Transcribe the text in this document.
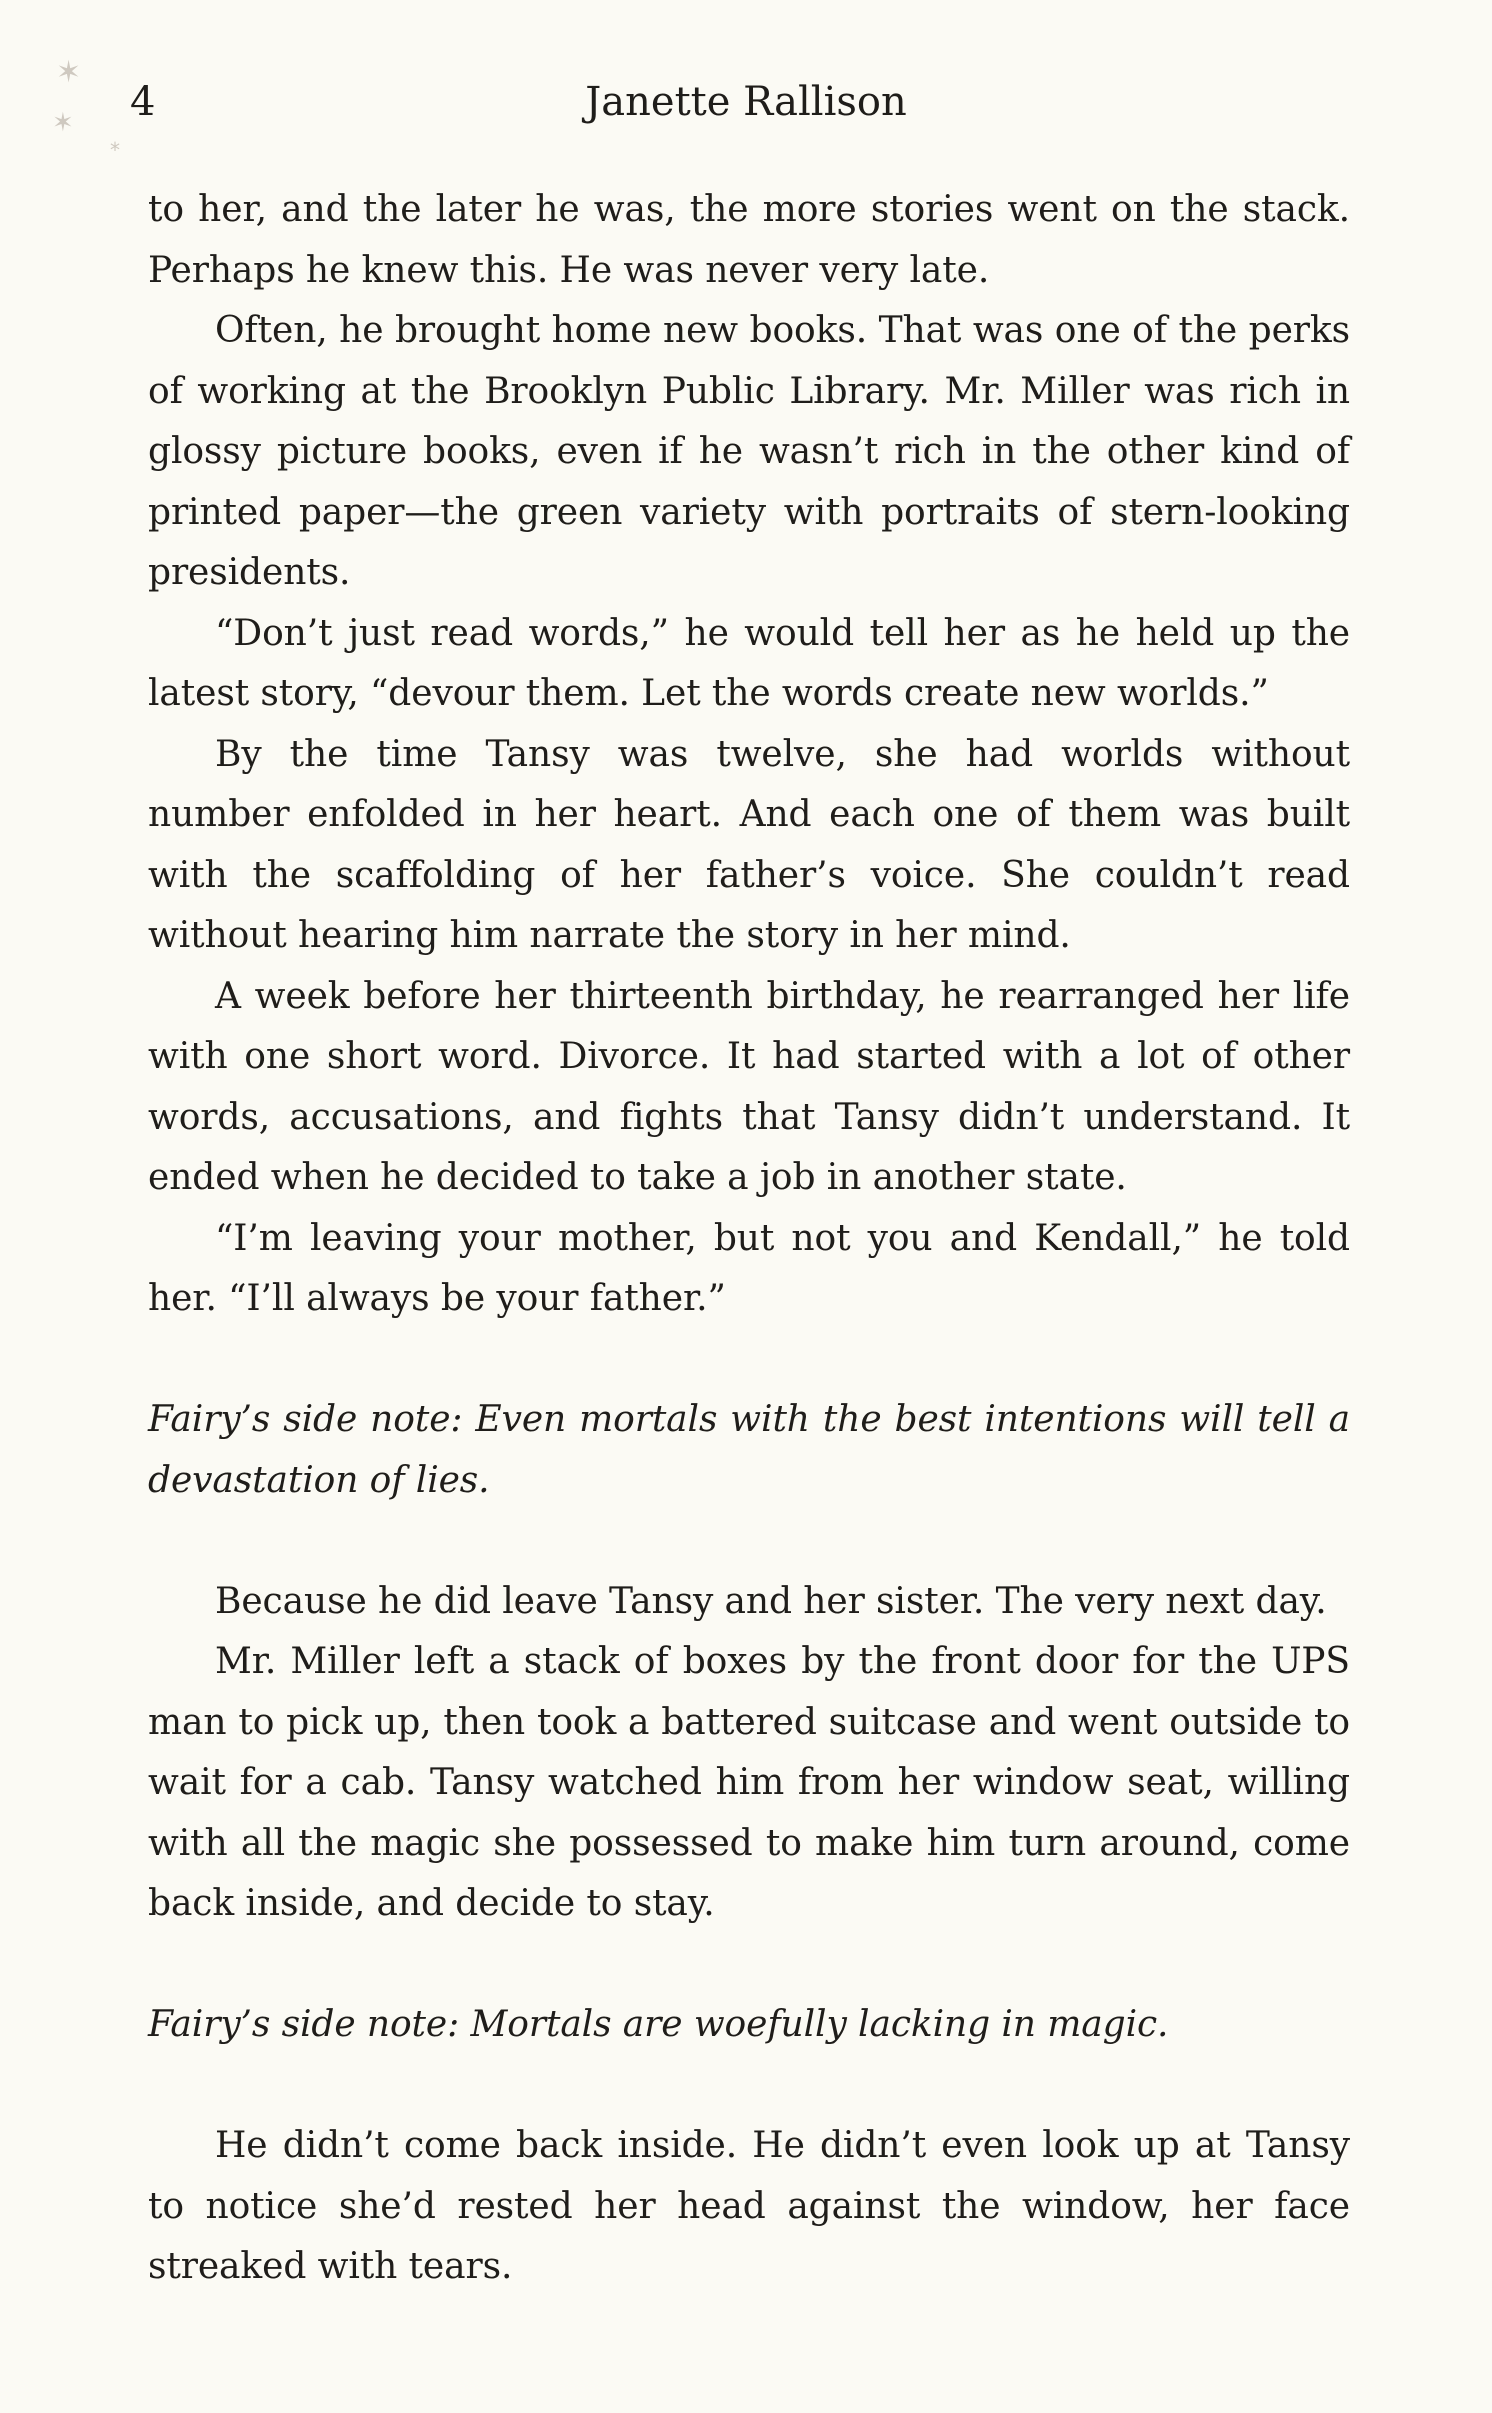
✶
✶
*
4	Janette Rallison

to her, and the later he was, the more stories went on the stack. Perhaps he knew this. He was never very late.

Often, he brought home new books. That was one of the perks of working at the Brooklyn Public Library. Mr. Miller was rich in glossy picture books, even if he wasn’t rich in the other kind of printed paper—the green variety with portraits of stern-looking presidents.

“Don’t just read words,” he would tell her as he held up the latest story, “devour them. Let the words create new worlds.”

By the time Tansy was twelve, she had worlds without number enfolded in her heart. And each one of them was built with the scaffolding of her father’s voice. She couldn’t read without hearing him narrate the story in her mind.

A week before her thirteenth birthday, he rearranged her life with one short word. Divorce. It had started with a lot of other words, accusations, and fights that Tansy didn’t understand. It ended when he decided to take a job in another state.

“I’m leaving your mother, but not you and Kendall,” he told her. “I’ll always be your father.”

Fairy’s side note: Even mortals with the best intentions will tell a devastation of lies.

Because he did leave Tansy and her sister. The very next day.

Mr. Miller left a stack of boxes by the front door for the UPS man to pick up, then took a battered suitcase and went outside to wait for a cab. Tansy watched him from her window seat, willing with all the magic she possessed to make him turn around, come back inside, and decide to stay.

Fairy’s side note: Mortals are woefully lacking in magic.

He didn’t come back inside. He didn’t even look up at Tansy to notice she’d rested her head against the window, her face streaked with tears.
